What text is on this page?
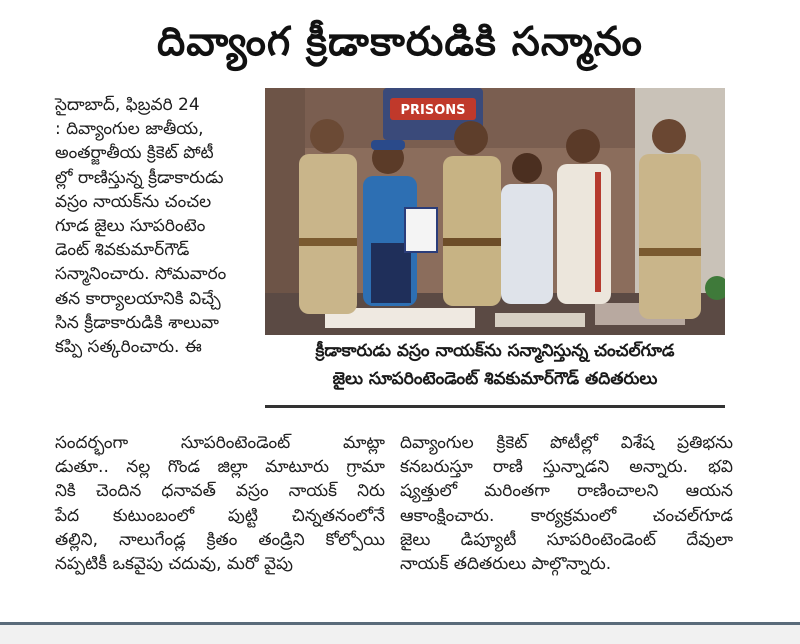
దివ్యాంగ క్రీడాకారుడికి సన్మానం

సైదాబాద్, ఫిబ్రవరి 24

: దివ్యాంగుల జాతీయ,

అంతర్జాతీయ క్రికెట్ పోటీ

ల్లో రాణిస్తున్న క్రీడాకారుడు

వస్రం నాయక్‌ను చంచల

గూడ జైలు సూపరింటెం

డెంట్ శివకుమార్‌గౌడ్

సన్మానించారు. సోమవారం

తన కార్యాలయానికి విచ్చే

సిన క్రీడాకారుడికి శాలువా

కప్పి సత్కరించారు. ఈ

PRISONS

క్రీడాకారుడు వస్రం నాయక్‌ను సన్మానిస్తున్న చంచల్‌గూడ

జైలు సూపరింటెండెంట్ శివకుమార్‌గౌడ్ తదితరులు

సందర్భంగా సూపరింటెండెంట్ మాట్లా

డుతూ.. నల్ల గొండ జిల్లా మాటూరు గ్రామా

నికి చెందిన ధనావత్ వస్రం నాయక్ నిరు

పేద కుటుంబంలో పుట్టి చిన్నతనంలోనే

తల్లిని, నాలుగేండ్ల క్రితం తండ్రిని కోల్పోయి

నప్పటికీ ఒకవైపు చదువు, మరో వైపు

దివ్యాంగుల క్రికెట్ పోటీల్లో విశేష ప్రతిభను

కనబరుస్తూ రాణి స్తున్నాడని అన్నారు. భవి

ష్యత్తులో మరింతగా రాణించాలని ఆయన

ఆకాంక్షించారు. కార్యక్రమంలో చంచల్‌గూడ

జైలు డిప్యూటీ సూపరింటెండెంట్ దేవులా

నాయక్ తదితరులు పాల్గొన్నారు.
